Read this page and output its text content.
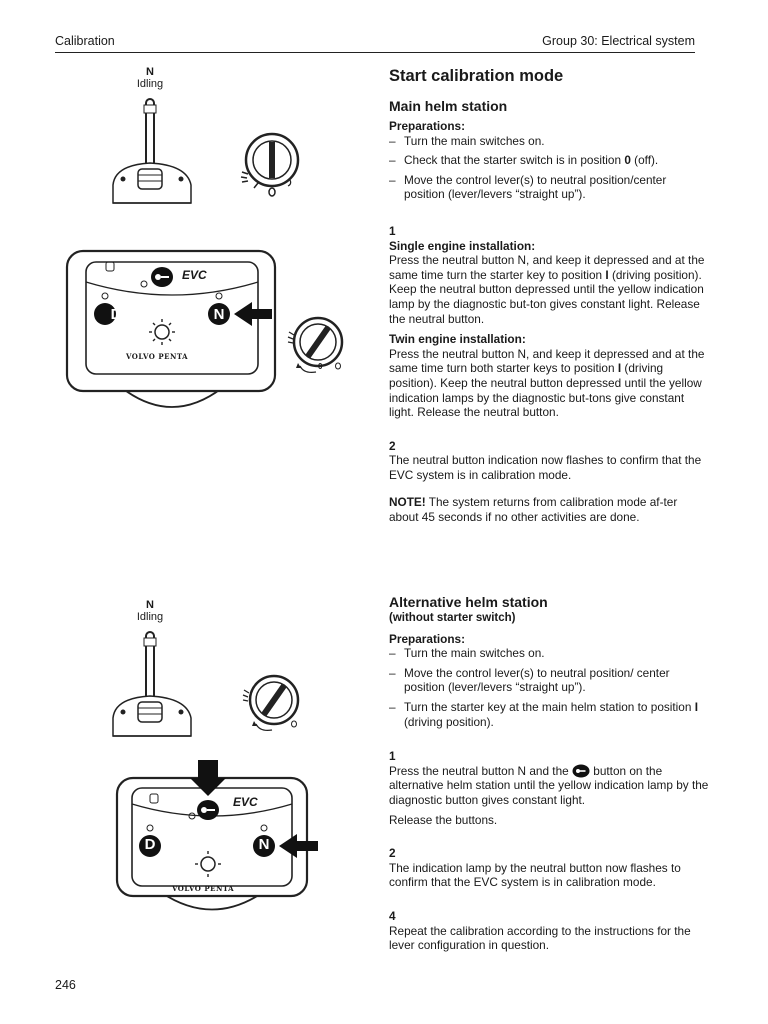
Calibration	Group 30: Electrical system
N
Idling
D	N
EVC
VOLVO PENTA
0
N
Idling
D	N
EVC
VOLVO PENTA

Start calibration mode

Main helm station

Preparations:

– Turn the main switches on.

– Check that the starter switch is in position 0 (off).

– Move the control lever(s) to neutral position/center position (lever/levers “straight up”).

1

Single engine installation:

Press the neutral button N, and keep it depressed and at the same time turn the starter key to position I (driving position). Keep the neutral button depressed until the yellow indication lamp by the diagnostic but-ton gives constant light. Release the neutral button.

Twin engine installation:

Press the neutral button N, and keep it depressed and at the same time turn both starter keys to position I (driving position). Keep the neutral button depressed until the yellow indication lamps by the diagnostic but-tons give constant light. Release the neutral button.

2

The neutral button indication now flashes to confirm that the EVC system is in calibration mode.

NOTE! The system returns from calibration mode af-ter about 45 seconds if no other activities are done.

Alternative helm station

(without starter switch)

Preparations:

– Turn the main switches on.

– Move the control lever(s) to neutral position/ center position (lever/levers “straight up”).

– Turn the starter key at the main helm station to position I (driving position).

1

Press the neutral button N and the button on the alternative helm station until the yellow indication lamp by the diagnostic button gives constant light.

Release the buttons.

2

The indication lamp by the neutral button now flashes to confirm that the EVC system is in calibration mode.

4

Repeat the calibration according to the instructions for the lever configuration in question.

246
